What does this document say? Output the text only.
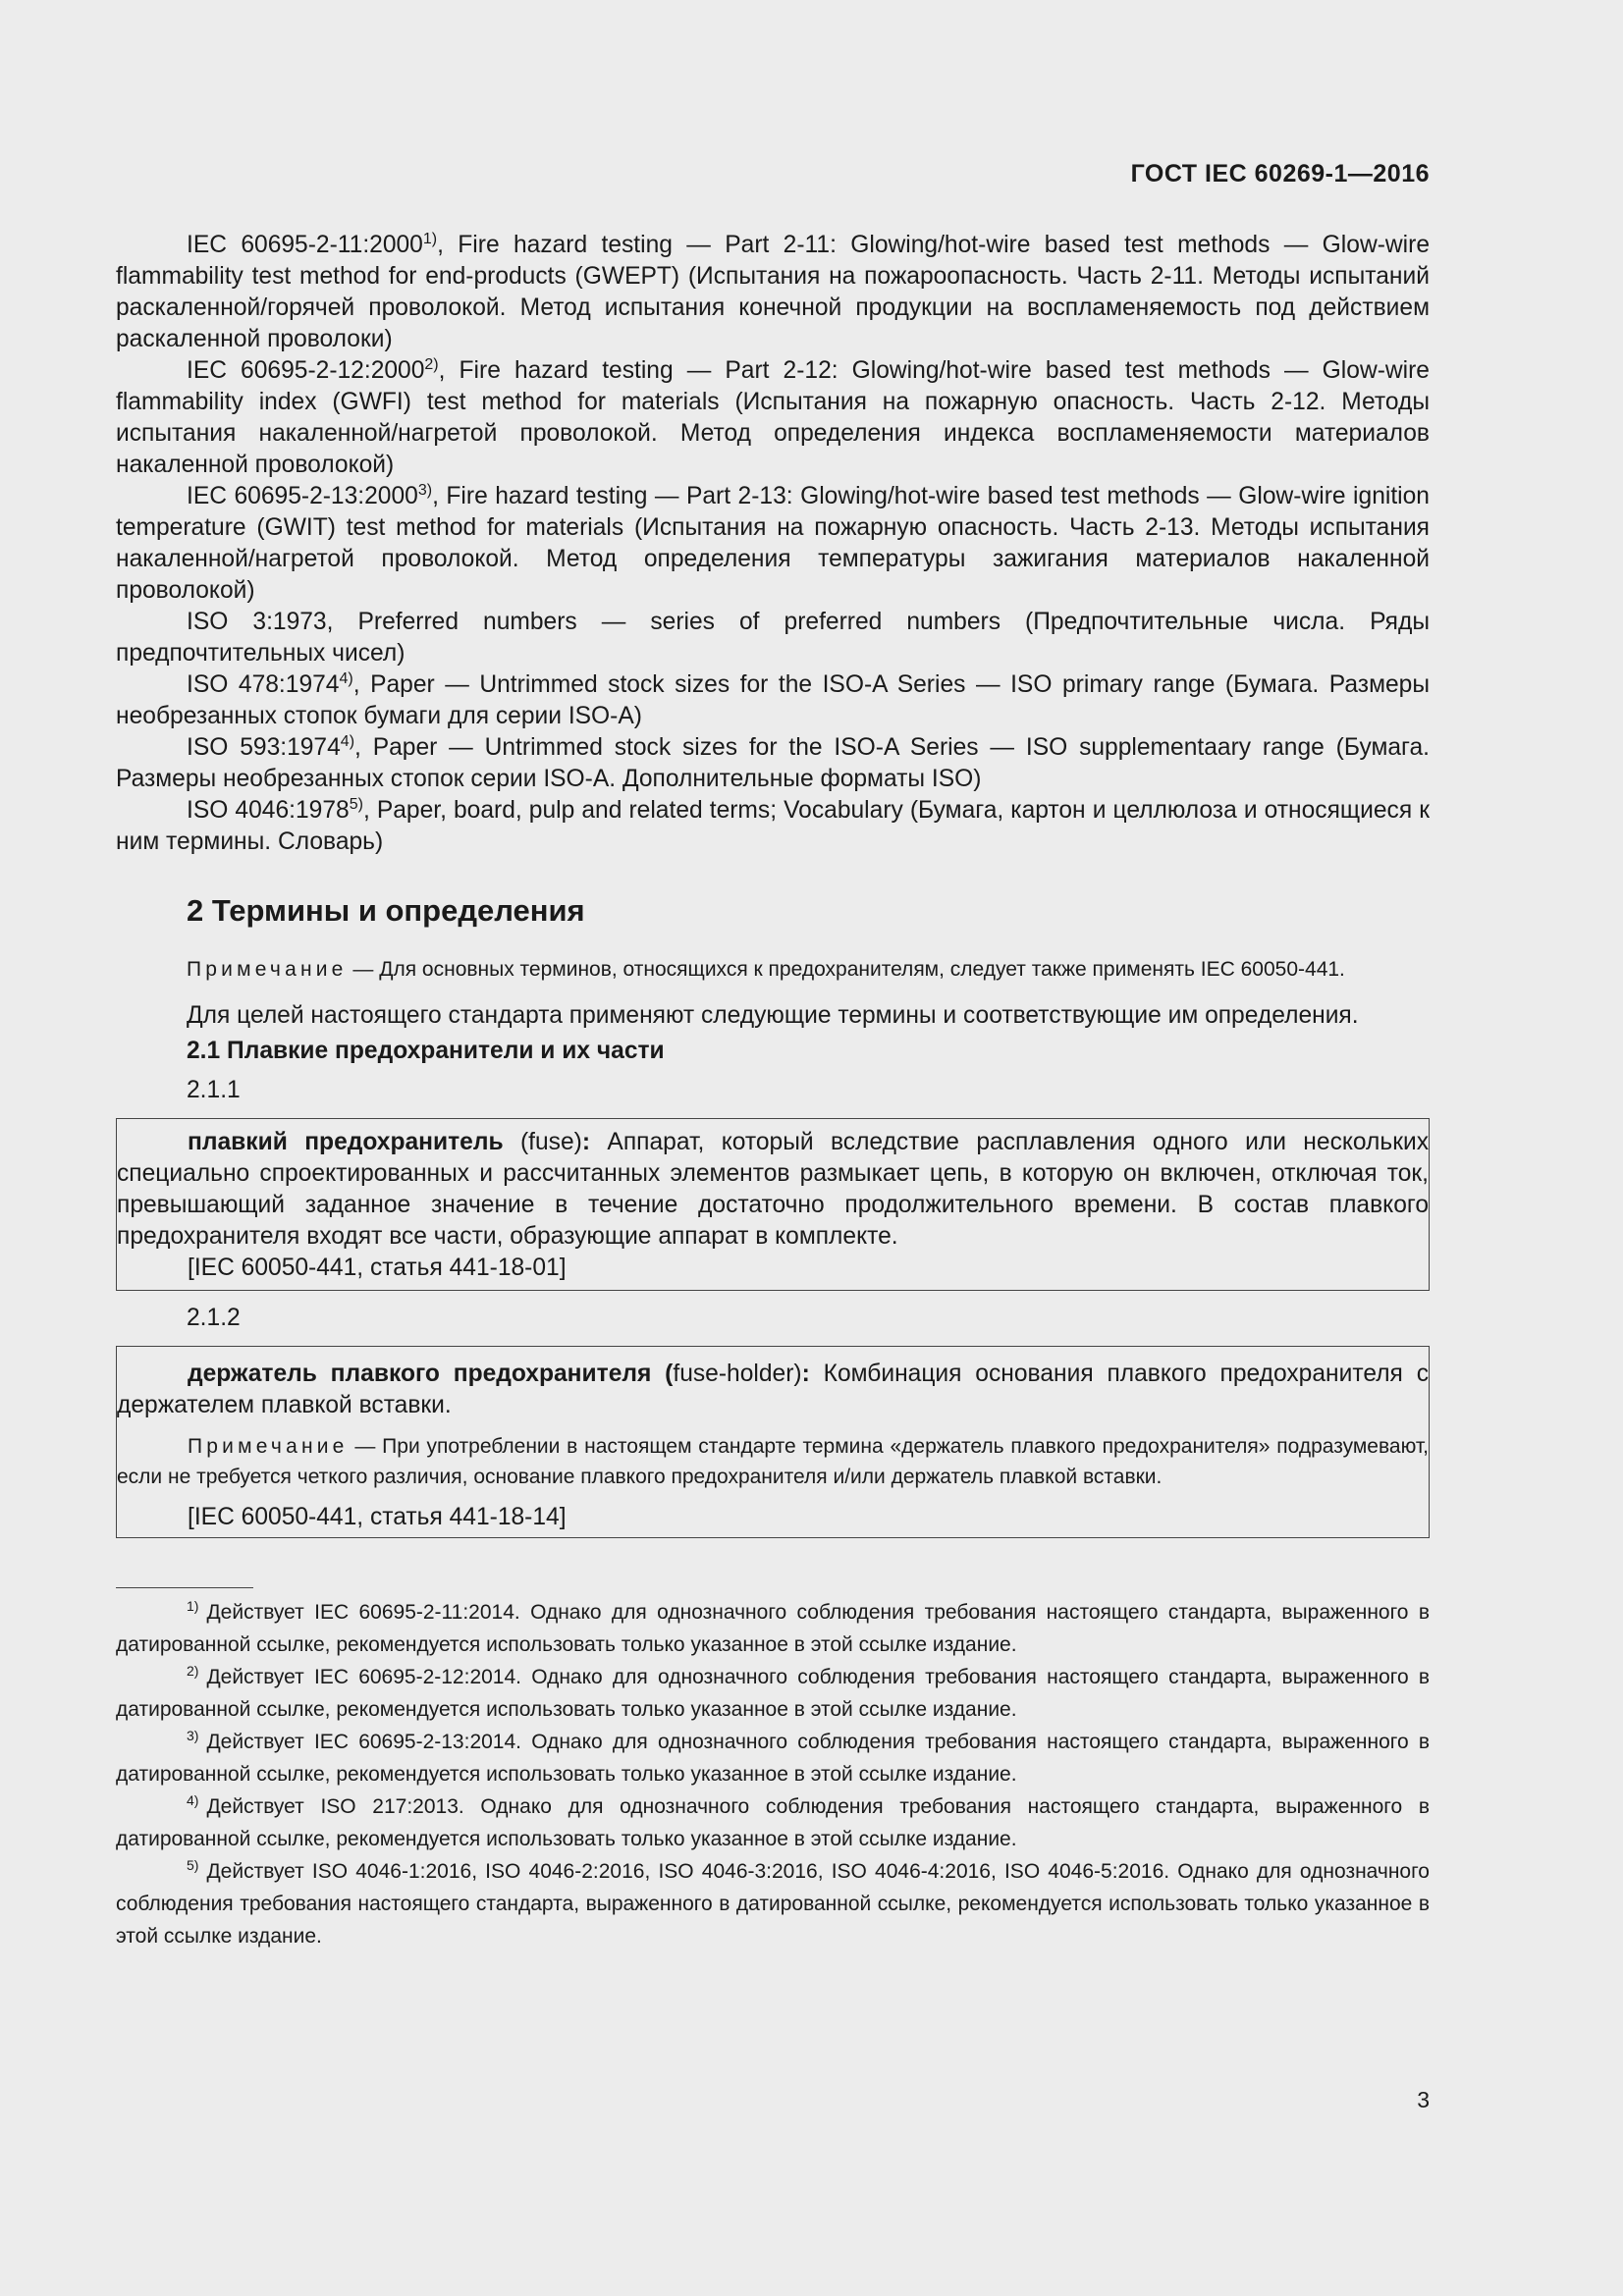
ГОСТ IEC 60269-1—2016

IEC 60695-2-11:2000$^{1)}$, Fire hazard testing — Part 2-11: Glowing/hot-wire based test methods — Glow-wire flammability test method for end-products (GWEPT) (Испытания на пожароопасность. Часть 2-11. Методы испытаний раскаленной/горячей проволокой. Метод испытания конечной продукции на воспламеняемость под действием раскаленной проволоки)

IEC 60695-2-12:2000$^{2)}$, Fire hazard testing — Part 2-12: Glowing/hot-wire based test methods — Glow-wire flammability index (GWFI) test method for materials (Испытания на пожарную опасность. Часть 2-12. Методы испытания накаленной/нагретой проволокой. Метод определения индекса воспламеняемости материалов накаленной проволокой)

IEC 60695-2-13:2000$^{3)}$, Fire hazard testing — Part 2-13: Glowing/hot-wire based test methods — Glow-wire ignition temperature (GWIT) test method for materials (Испытания на пожарную опасность. Часть 2-13. Методы испытания накаленной/нагретой проволокой. Метод определения температуры зажигания материалов накаленной проволокой)

ISO 3:1973, Preferred numbers — series of preferred numbers (Предпочтительные числа. Ряды предпочтительных чисел)

ISO 478:1974$^{4)}$, Paper — Untrimmed stock sizes for the ISO-A Series — ISO primary range (Бумага. Размеры необрезанных стопок бумаги для серии ISO-A)

ISO 593:1974$^{4)}$, Paper — Untrimmed stock sizes for the ISO-A Series — ISO supplementaary range (Бумага. Размеры необрезанных стопок серии ISO-A. Дополнительные форматы ISO)

ISO 4046:1978$^{5)}$, Paper, board, pulp and related terms; Vocabulary (Бумага, картон и целлюлоза и относящиеся к ним термины. Словарь)

2 Термины и определения

Примечание — Для основных терминов, относящихся к предохранителям, следует также применять IEC 60050-441.

Для целей настоящего стандарта применяют следующие термины и соответствующие им определения.

2.1 Плавкие предохранители и их части
2.1.1

плавкий предохранитель (fuse): Аппарат, который вследствие расплавления одного или нескольких специально спроектированных и рассчитанных элементов размыкает цепь, в которую он включен, отключая ток, превышающий заданное значение в течение достаточно продолжительного времени. В состав плавкого предохранителя входят все части, образующие аппарат в комплекте.

[IEC 60050-441, статья 441-18-01]

2.1.2

держатель плавкого предохранителя (fuse-holder): Комбинация основания плавкого предохранителя с держателем плавкой вставки.

Примечание — При употреблении в настоящем стандарте термина «держатель плавкого предохранителя» подразумевают, если не требуется четкого различия, основание плавкого предохранителя и/или держатель плавкой вставки.

[IEC 60050-441, статья 441-18-14]

$^{1)}$ Действует IEC 60695-2-11:2014. Однако для однозначного соблюдения требования настоящего стандарта, выраженного в датированной ссылке, рекомендуется использовать только указанное в этой ссылке издание.

$^{2)}$ Действует IEC 60695-2-12:2014. Однако для однозначного соблюдения требования настоящего стандарта, выраженного в датированной ссылке, рекомендуется использовать только указанное в этой ссылке издание.

$^{3)}$ Действует IEC 60695-2-13:2014. Однако для однозначного соблюдения требования настоящего стандарта, выраженного в датированной ссылке, рекомендуется использовать только указанное в этой ссылке издание.

$^{4)}$ Действует ISO 217:2013. Однако для однозначного соблюдения требования настоящего стандарта, выраженного в датированной ссылке, рекомендуется использовать только указанное в этой ссылке издание.

$^{5)}$ Действует ISO 4046-1:2016, ISO 4046-2:2016, ISO 4046-3:2016, ISO 4046-4:2016, ISO 4046-5:2016. Однако для однозначного соблюдения требования настоящего стандарта, выраженного в датированной ссылке, рекомендуется использовать только указанное в этой ссылке издание.

3
